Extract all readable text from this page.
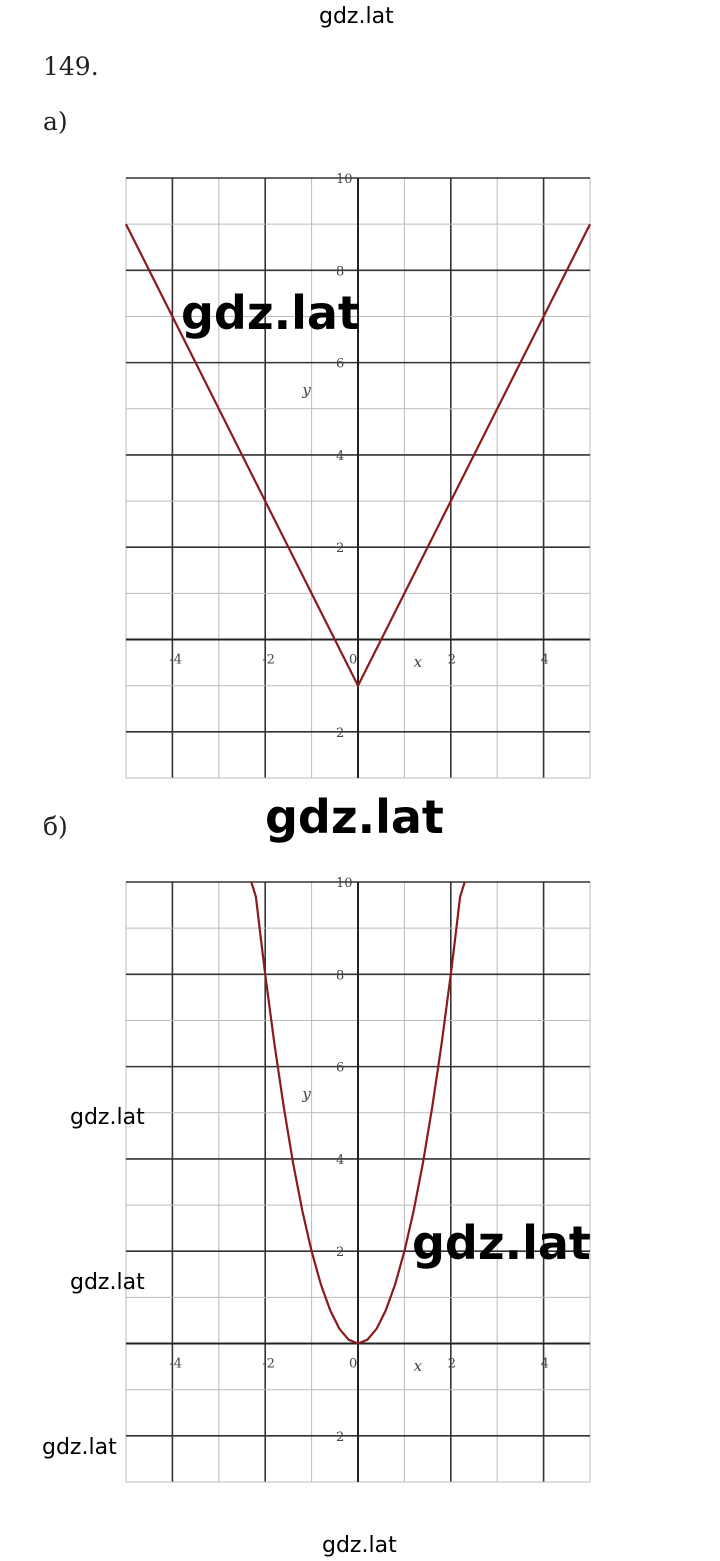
gdz.lat
149.
а)
б)
-4	-2	0	2	4
2
2
4
6
8
10
x
y
-4	-2	0	2	4
2
2
4
6
8
10
x
y
gdz.lat
gdz.lat
gdz.lat
gdz.lat
gdz.lat
gdz.lat
gdz.lat
